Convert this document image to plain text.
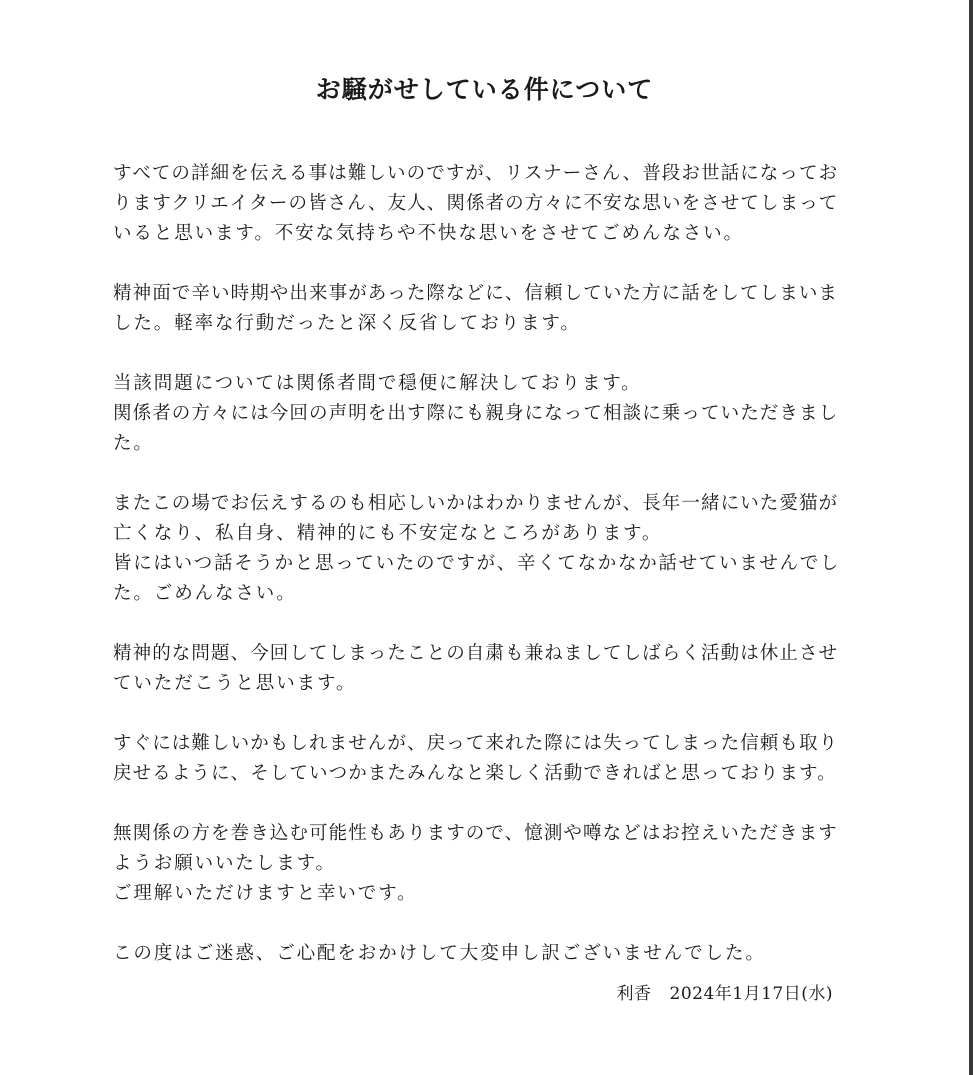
お騒がせしている件について
すべての詳細を伝える事は難しいのですが、リスナーさん、普段お世話になってお
りますクリエイターの皆さん、友人、関係者の方々に不安な思いをさせてしまって
いると思います。不安な気持ちや不快な思いをさせてごめんなさい。
精神面で辛い時期や出来事があった際などに、信頼していた方に話をしてしまいま
した。軽率な行動だったと深く反省しております。
当該問題については関係者間で穏便に解決しております。
関係者の方々には今回の声明を出す際にも親身になって相談に乗っていただきまし
た。
またこの場でお伝えするのも相応しいかはわかりませんが、長年一緒にいた愛猫が
亡くなり、私自身、精神的にも不安定なところがあります。
皆にはいつ話そうかと思っていたのですが、辛くてなかなか話せていませんでし
た。ごめんなさい。
精神的な問題、今回してしまったことの自粛も兼ねましてしばらく活動は休止させ
ていただこうと思います。
すぐには難しいかもしれませんが、戻って来れた際には失ってしまった信頼も取り
戻せるように、そしていつかまたみんなと楽しく活動できればと思っております。
無関係の方を巻き込む可能性もありますので、憶測や噂などはお控えいただきます
ようお願いいたします。
ご理解いただけますと幸いです。
この度はご迷惑、ご心配をおかけして大変申し訳ございませんでした。
利香 2024年1月17日(水)
